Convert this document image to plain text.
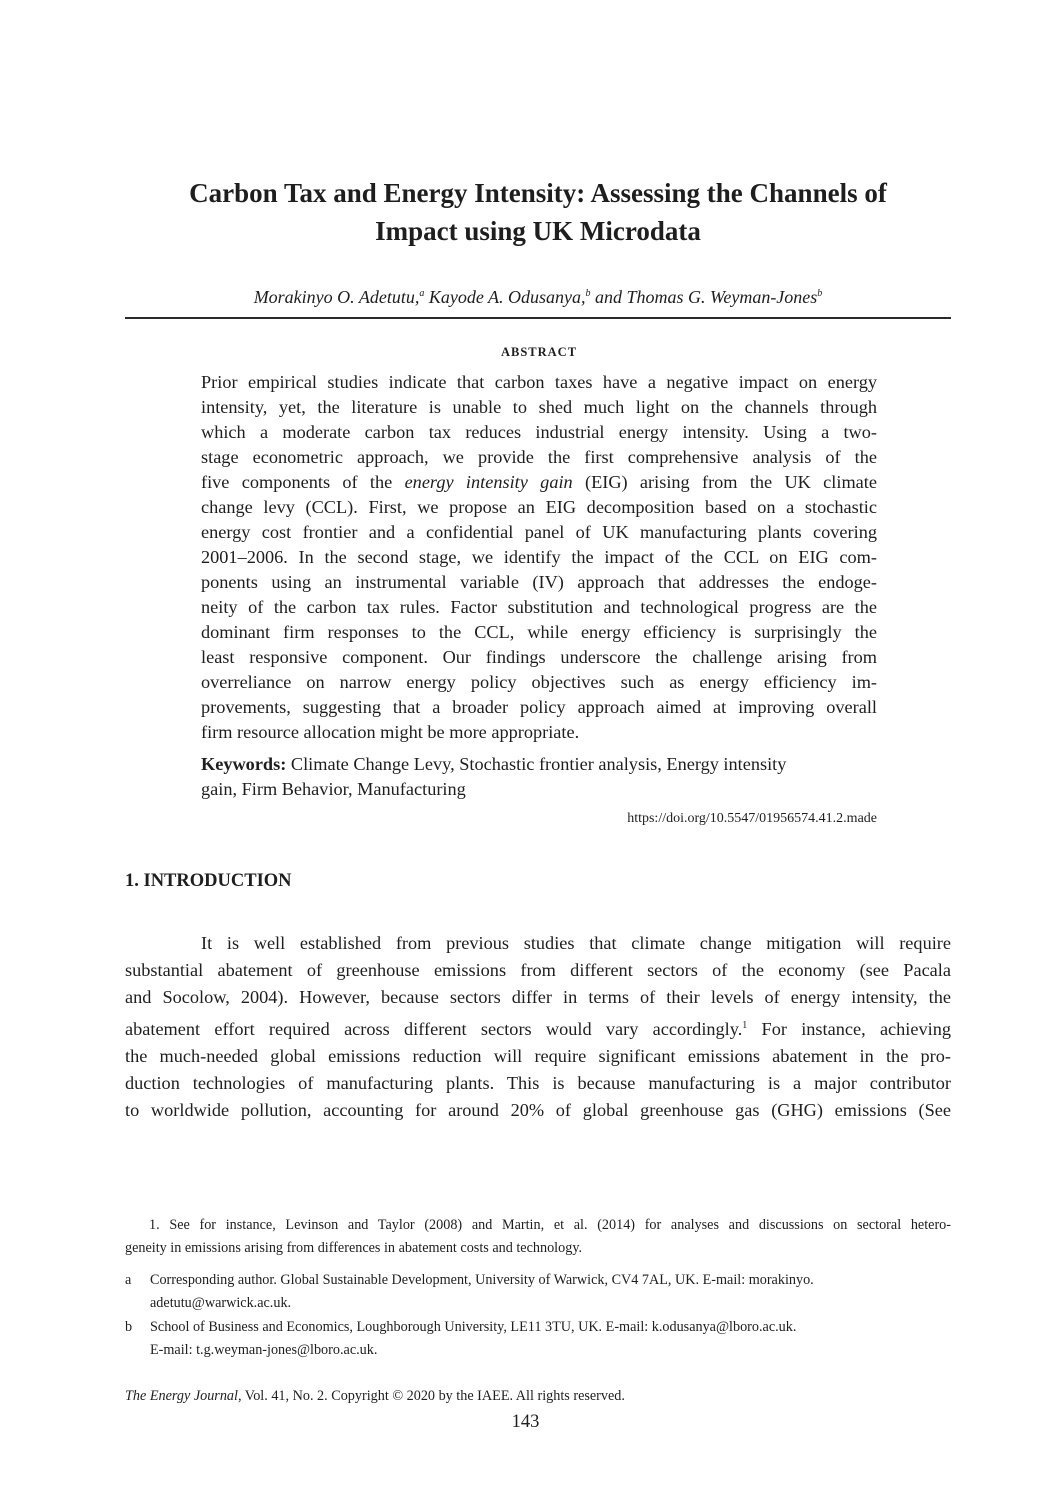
Carbon Tax and Energy Intensity: Assessing the Channels of
Impact using UK Microdata
Morakinyo O. Adetutu,$^a$ Kayode A. Odusanya,$^b$ and Thomas G. Weyman-Jones$^b$
ABSTRACT
Prior empirical studies indicate that carbon taxes have a negative impact on energy
intensity, yet, the literature is unable to shed much light on the channels through
which a moderate carbon tax reduces industrial energy intensity. Using a two-
stage econometric approach, we provide the first comprehensive analysis of the
five components of the energy intensity gain (EIG) arising from the UK climate
change levy (CCL). First, we propose an EIG decomposition based on a stochastic
energy cost frontier and a confidential panel of UK manufacturing plants covering
2001–2006. In the second stage, we identify the impact of the CCL on EIG com-
ponents using an instrumental variable (IV) approach that addresses the endoge-
neity of the carbon tax rules. Factor substitution and technological progress are the
dominant firm responses to the CCL, while energy efficiency is surprisingly the
least responsive component. Our findings underscore the challenge arising from
overreliance on narrow energy policy objectives such as energy efficiency im-
provements, suggesting that a broader policy approach aimed at improving overall
firm resource allocation might be more appropriate.
Keywords: Climate Change Levy, Stochastic frontier analysis, Energy intensity
gain, Firm Behavior, Manufacturing
https://doi.org/10.5547/01956574.41.2.made
1. INTRODUCTION
It is well established from previous studies that climate change mitigation will require
substantial abatement of greenhouse emissions from different sectors of the economy (see Pacala
and Socolow, 2004). However, because sectors differ in terms of their levels of energy intensity, the
abatement effort required across different sectors would vary accordingly.$^1$ For instance, achieving
the much-needed global emissions reduction will require significant emissions abatement in the pro-
duction technologies of manufacturing plants. This is because manufacturing is a major contributor
to worldwide pollution, accounting for around 20% of global greenhouse gas (GHG) emissions (See
1. See for instance, Levinson and Taylor (2008) and Martin, et al. (2014) for analyses and discussions on sectoral hetero-
geneity in emissions arising from differences in abatement costs and technology.
a Corresponding author. Global Sustainable Development, University of Warwick, CV4 7AL, UK. E-mail: morakinyo.
adetutu@warwick.ac.uk.
b School of Business and Economics, Loughborough University, LE11 3TU, UK. E-mail: k.odusanya@lboro.ac.uk.
E-mail: t.g.weyman-jones@lboro.ac.uk.
The Energy Journal, Vol. 41, No. 2. Copyright © 2020 by the IAEE. All rights reserved.
143
